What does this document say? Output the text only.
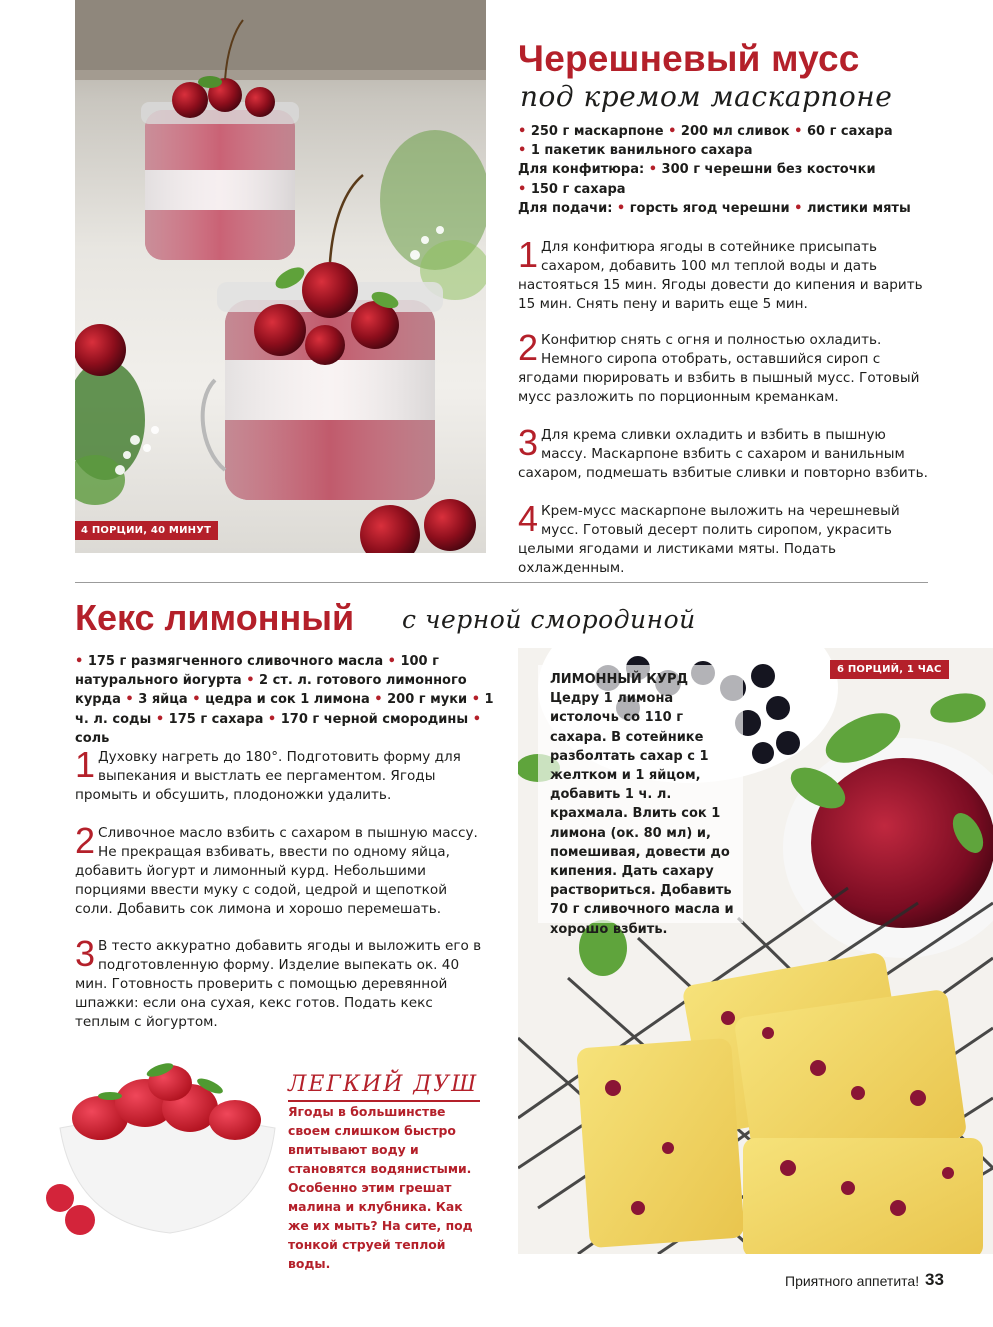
4 ПОРЦИИ, 40 МИНУТ
Черешневый мусс
под кремом маскарпоне
• 250 г маскарпоне • 200 мл сливок • 60 г сахара
• 1 пакетик ванильного сахара
Для конфитюра: • 300 г черешни без косточки
• 150 г сахара
Для подачи: • горсть ягод черешни • листики мяты
1 Для конфитюра ягоды в сотейнике присыпать сахаром, добавить 100 мл теплой воды и дать настояться 15 мин. Ягоды довести до кипения и варить 15 мин. Снять пену и варить еще 5 мин.
2 Конфитюр снять с огня и полностью охладить. Немного сиропа отобрать, оставшийся сироп с ягодами пюрировать и взбить в пышный мусс. Готовый мусс разложить по порционным креманкам.
3 Для крема сливки охладить и взбить в пышную массу. Маскарпоне взбить с сахаром и ванильным сахаром, подмешать взбитые сливки и повторно взбить.
4 Крем-мусс маскарпоне выложить на черешневый мусс. Готовый десерт полить сиропом, украсить целыми ягодами и листиками мяты. Подать охлажденным.
Кекс лимонный с черной смородиной
• 175 г размягченного сливочного масла • 100 г натурального йогурта • 2 ст. л. готового лимонного курда • 3 яйца • цедра и сок 1 лимона • 200 г муки • 1 ч. л. соды • 175 г сахара • 170 г черной смородины • соль
1 Духовку нагреть до 180°. Подготовить форму для выпекания и выстлать ее пергаментом. Ягоды промыть и обсушить, плодоножки удалить.
2 Сливочное масло взбить с сахаром в пышную массу. Не прекращая взбивать, ввести по одному яйца, добавить йогурт и лимонный курд. Небольшими порциями ввести муку с содой, цедрой и щепоткой соли. Добавить сок лимона и хорошо перемешать.
3 В тесто аккуратно добавить ягоды и выложить его в подготовленную форму. Изделие выпекать ок. 40 мин. Готовность проверить с помощью деревянной шпажки: если она сухая, кекс готов. Подать кекс теплым с йогуртом.
6 ПОРЦИЙ, 1 ЧАС
ЛИМОННЫЙ КУРД
Цедру 1 лимона истолочь со 110 г сахара. В сотейнике разболтать сахар с 1 желтком и 1 яйцом, добавить 1 ч. л. крахмала. Влить сок 1 лимона (ок. 80 мл) и, помешивая, довести до кипения. Дать сахару раствориться. Добавить 70 г сливочного масла и хорошо взбить.
ЛЕГКИЙ ДУШ
Ягоды в большинстве своем слишком быстро впитывают воду и становятся водянистыми. Особенно этим грешат малина и клубника. Как же их мыть? На сите, под тонкой струей теплой воды.
Приятного аппетита! 33
